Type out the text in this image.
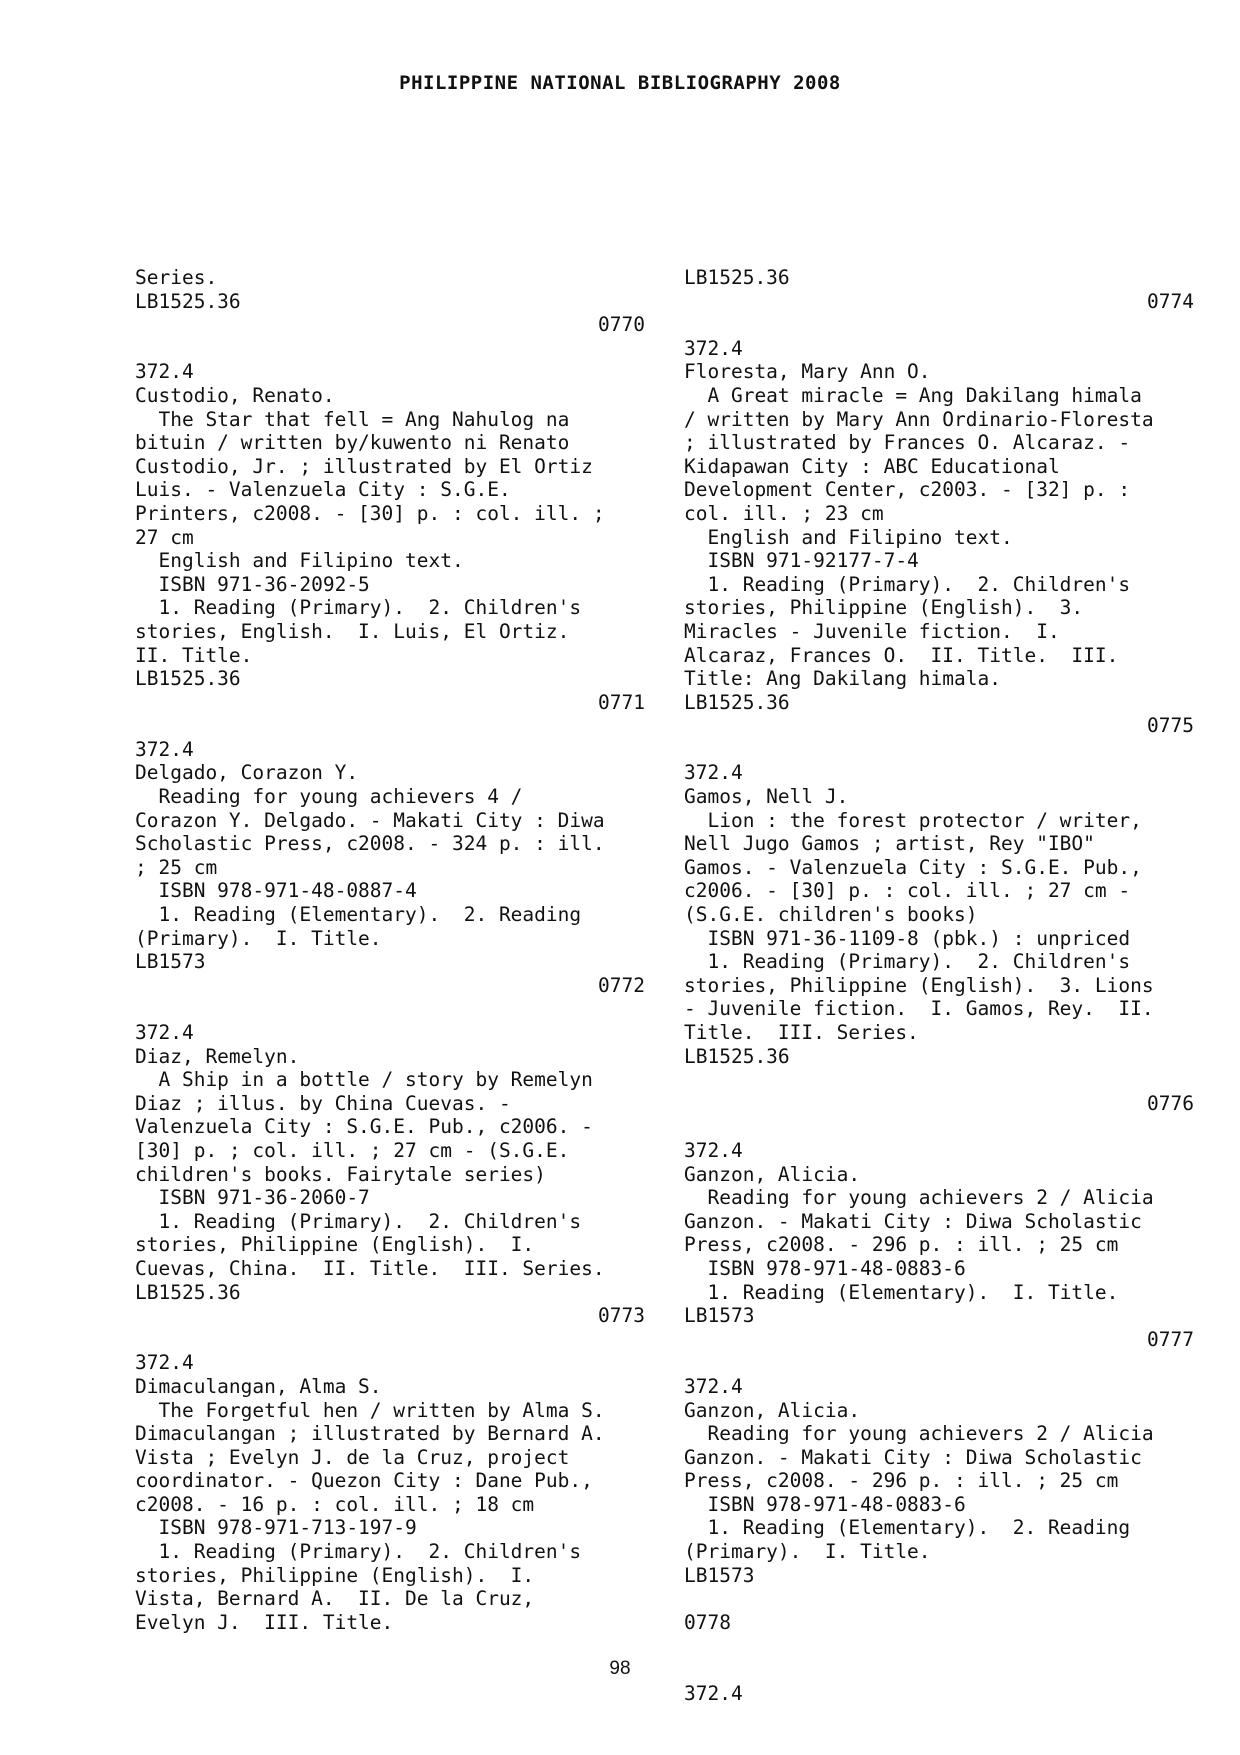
PHILIPPINE NATIONAL BIBLIOGRAPHY 2008
Series.
LB1525.36
0770
372.4
Custodio, Renato.
The Star that fell = Ang Nahulog na
bituin / written by/kuwento ni Renato
Custodio, Jr. ; illustrated by El Ortiz
Luis. - Valenzuela City : S.G.E.
Printers, c2008. - [30] p. : col. ill. ;
27 cm
English and Filipino text.
ISBN 971-36-2092-5
1. Reading (Primary).  2. Children's
stories, English.  I. Luis, El Ortiz.
II. Title.
LB1525.36
0771
372.4
Delgado, Corazon Y.
Reading for young achievers 4 /
Corazon Y. Delgado. - Makati City : Diwa
Scholastic Press, c2008. - 324 p. : ill.
; 25 cm
ISBN 978-971-48-0887-4
1. Reading (Elementary).  2. Reading
(Primary).  I. Title.
LB1573
0772
372.4
Diaz, Remelyn.
A Ship in a bottle / story by Remelyn
Diaz ; illus. by China Cuevas. -
Valenzuela City : S.G.E. Pub., c2006. -
[30] p. ; col. ill. ; 27 cm - (S.G.E.
children's books. Fairytale series)
ISBN 971-36-2060-7
1. Reading (Primary).  2. Children's
stories, Philippine (English).  I.
Cuevas, China.  II. Title.  III. Series.
LB1525.36
0773
372.4
Dimaculangan, Alma S.
The Forgetful hen / written by Alma S.
Dimaculangan ; illustrated by Bernard A.
Vista ; Evelyn J. de la Cruz, project
coordinator. - Quezon City : Dane Pub.,
c2008. - 16 p. : col. ill. ; 18 cm
ISBN 978-971-713-197-9
1. Reading (Primary).  2. Children's
stories, Philippine (English).  I.
Vista, Bernard A.  II. De la Cruz,
Evelyn J.  III. Title.
LB1525.36
0774
372.4
Floresta, Mary Ann O.
A Great miracle = Ang Dakilang himala
/ written by Mary Ann Ordinario-Floresta
; illustrated by Frances O. Alcaraz. -
Kidapawan City : ABC Educational
Development Center, c2003. - [32] p. :
col. ill. ; 23 cm
English and Filipino text.
ISBN 971-92177-7-4
1. Reading (Primary).  2. Children's
stories, Philippine (English).  3.
Miracles - Juvenile fiction.  I.
Alcaraz, Frances O.  II. Title.  III.
Title: Ang Dakilang himala.
LB1525.36
0775
372.4
Gamos, Nell J.
Lion : the forest protector / writer,
Nell Jugo Gamos ; artist, Rey "IBO"
Gamos. - Valenzuela City : S.G.E. Pub.,
c2006. - [30] p. : col. ill. ; 27 cm -
(S.G.E. children's books)
ISBN 971-36-1109-8 (pbk.) : unpriced
1. Reading (Primary).  2. Children's
stories, Philippine (English).  3. Lions
- Juvenile fiction.  I. Gamos, Rey.  II.
Title.  III. Series.
LB1525.36
0776
372.4
Ganzon, Alicia.
Reading for young achievers 2 / Alicia
Ganzon. - Makati City : Diwa Scholastic
Press, c2008. - 296 p. : ill. ; 25 cm
ISBN 978-971-48-0883-6
1. Reading (Elementary).  I. Title.
LB1573
0777
372.4
Ganzon, Alicia.
Reading for young achievers 2 / Alicia
Ganzon. - Makati City : Diwa Scholastic
Press, c2008. - 296 p. : ill. ; 25 cm
ISBN 978-971-48-0883-6
1. Reading (Elementary).  2. Reading
(Primary).  I. Title.
LB1573
0778
372.4
98
